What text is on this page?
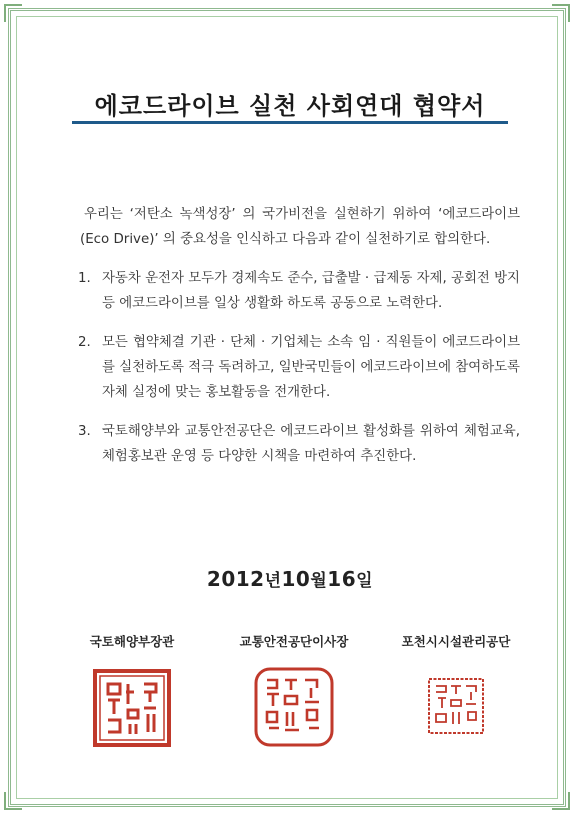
에코드라이브 실천 사회연대 협약서

우리는 ‘저탄소 녹색성장’ 의 국가비전을 실현하기 위하여 ‘에코드라이브 (Eco Drive)’ 의 중요성을 인식하고 다음과 같이 실천하기로 합의한다.

1. 자동차 운전자 모두가 경제속도 준수, 급출발 · 급제동 자제, 공회전 방지 등 에코드라이브를 일상 생활화 하도록 공동으로 노력한다.
2. 모든 협약체결 기관 · 단체 · 기업체는 소속 임 · 직원들이 에코드라이브를 실천하도록 적극 독려하고, 일반국민들이 에코드라이브에 참여하도록 자체 실정에 맞는 홍보활동을 전개한다.
3. 국토해양부와 교통안전공단은 에코드라이브 활성화를 위하여 체험교육, 체험홍보관 운영 등 다양한 시책을 마련하여 추진한다.
2012년10월16일
국토해양부장관	교통안전공단이사장	포천시시설관리공단
